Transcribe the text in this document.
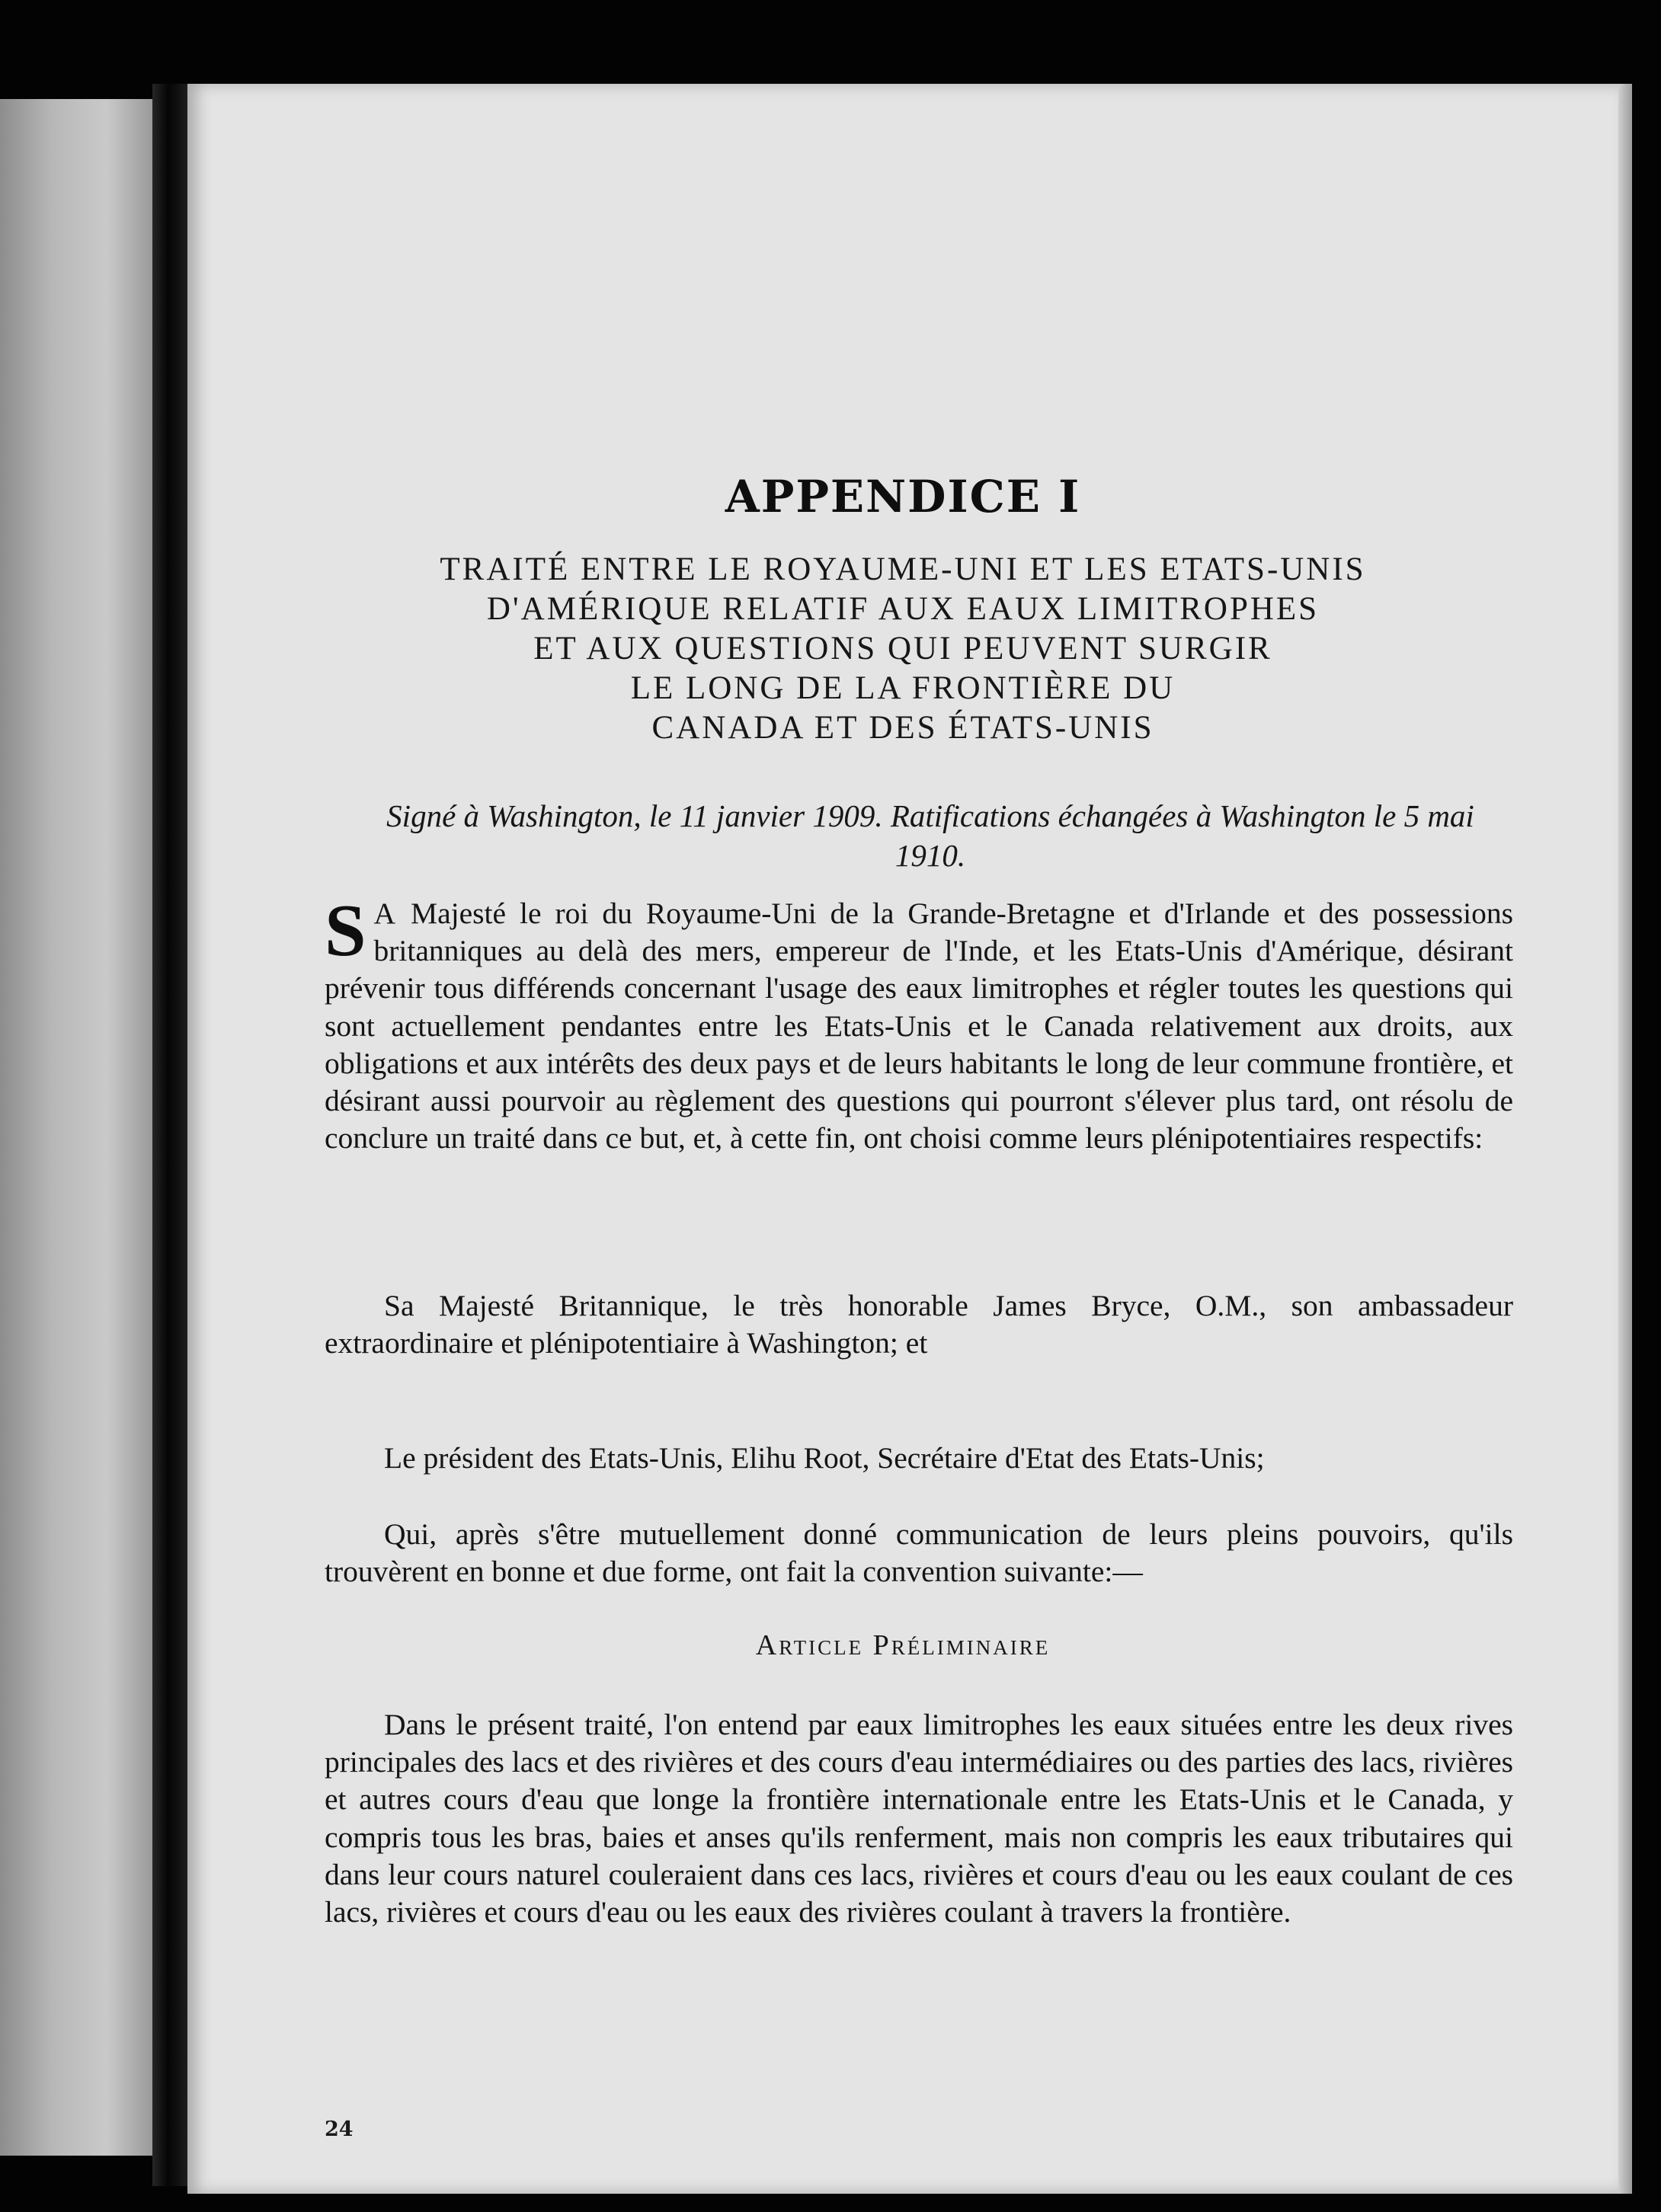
APPENDICE I
TRAITÉ ENTRE LE ROYAUME-UNI ET LES ETATS-UNIS
D'AMÉRIQUE RELATIF AUX EAUX LIMITROPHES
ET AUX QUESTIONS QUI PEUVENT SURGIR
LE LONG DE LA FRONTIÈRE DU
CANADA ET DES ÉTATS-UNIS
Signé à Washington, le 11 janvier 1909. Ratifications échangées à Washington le 5 mai 1910.
S A Majesté le roi du Royaume-Uni de la Grande-Bretagne et d'Irlande et des possessions britanniques au delà des mers, empereur de l'Inde, et les Etats-Unis d'Amérique, désirant prévenir tous différends concernant l'usage des eaux limitrophes et régler toutes les questions qui sont actuellement pendantes entre les Etats-Unis et le Canada relativement aux droits, aux obligations et aux intérêts des deux pays et de leurs habitants le long de leur commune frontière, et désirant aussi pourvoir au règlement des questions qui pourront s'élever plus tard, ont résolu de conclure un traité dans ce but, et, à cette fin, ont choisi comme leurs plénipotentiaires respectifs:
Sa Majesté Britannique, le très honorable James Bryce, O.M., son ambassadeur extraordinaire et plénipotentiaire à Washington; et
Le président des Etats-Unis, Elihu Root, Secrétaire d'Etat des Etats-Unis;
Qui, après s'être mutuellement donné communication de leurs pleins pouvoirs, qu'ils trouvèrent en bonne et due forme, ont fait la convention suivante:—
Article Préliminaire
Dans le présent traité, l'on entend par eaux limitrophes les eaux situées entre les deux rives principales des lacs et des rivières et des cours d'eau intermédiaires ou des parties des lacs, rivières et autres cours d'eau que longe la frontière internationale entre les Etats-Unis et le Canada, y compris tous les bras, baies et anses qu'ils renferment, mais non compris les eaux tributaires qui dans leur cours naturel couleraient dans ces lacs, rivières et cours d'eau ou les eaux coulant de ces lacs, rivières et cours d'eau ou les eaux des rivières coulant à travers la frontière.
24
